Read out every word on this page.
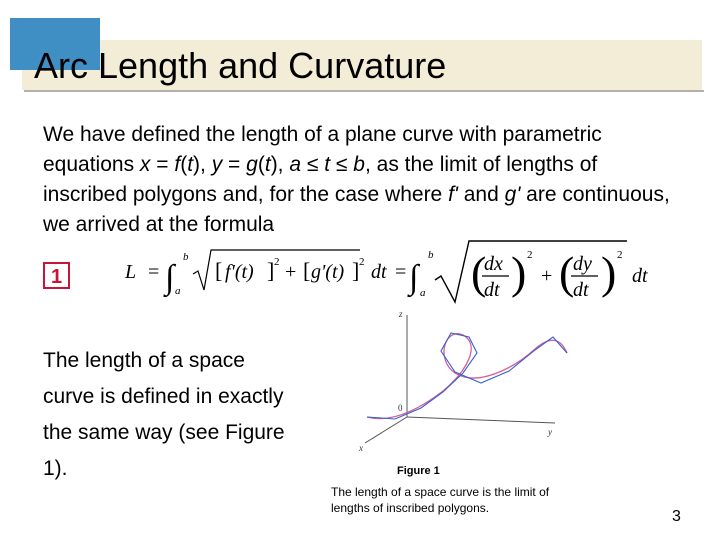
Arc Length and Curvature

We have defined the length of a plane curve with parametric equations x = f(t), y = g(t), a ≤ t ≤ b, as the limit of lengths of inscribed polygons and, for the case where f' and g' are continuous, we arrived at the formula

1	L = ∫
b
a
[ f'(t) ] 2 + [ g'(t) ] 2 dt = ∫
b
a (
dx
dt ) 2
+ (
dy
dt ) 2
dt

The length of a space curve is defined in exactly the same way (see Figure 1).

z
0
y
x

Figure 1

The length of a space curve is the limit of lengths of inscribed polygons.	3
